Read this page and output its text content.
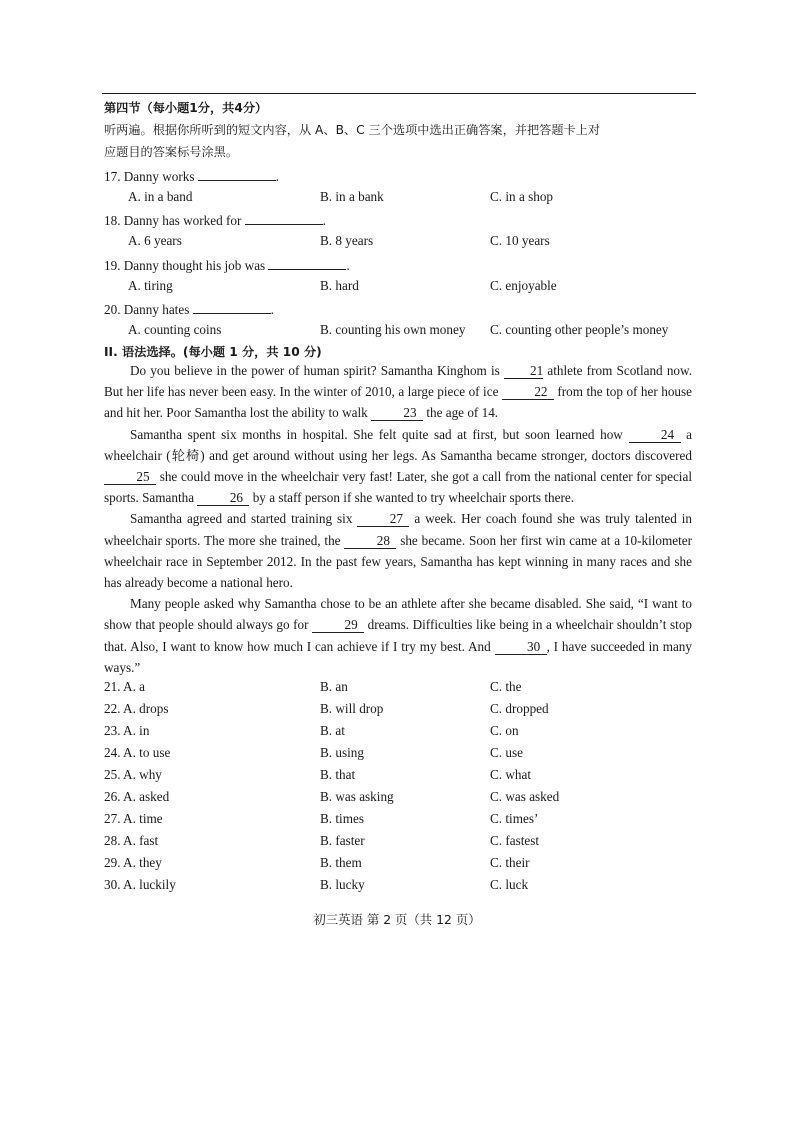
第四节（每小题1分，共4分）
听两遍。根据你所听到的短文内容，从 A、B、C 三个选项中选出正确答案，并把答题卡上对
应题目的答案标号涂黑。
17. Danny works	.
A. in a band	B. in a bank	C. in a shop
18. Danny has worked for	.
A. 6 years	B. 8 years	C. 10 years
19. Danny thought his job was	.
A. tiring	B. hard	C. enjoyable
20. Danny hates	.
A. counting coins	B. counting his own money C. counting other people’s money
II. 语法选择。(每小题 1 分，共 10 分)

Do you believe in the power of human spirit? Samantha Kinghom is 21 athlete from Scotland now. But her life has never been easy. In the winter of 2010, a large piece of ice 22 from the top of her house and hit her. Poor Samantha lost the ability to walk 23 the age of 14.

Samantha spent six months in hospital. She felt quite sad at first, but soon learned how 24 a wheelchair (轮椅) and get around without using her legs. As Samantha became stronger, doctors discovered 25 she could move in the wheelchair very fast! Later, she got a call from the national center for special sports. Samantha 26 by a staff person if she wanted to try wheelchair sports there.

Samantha agreed and started training six 27 a week. Her coach found she was truly talented in wheelchair sports. The more she trained, the 28 she became. Soon her first win came at a 10-kilometer wheelchair race in September 2012. In the past few years, Samantha has kept winning in many races and she has already become a national hero.

Many people asked why Samantha chose to be an athlete after she became disabled. She said, “I want to show that people should always go for 29 dreams. Difficulties like being in a wheelchair shouldn’t stop that. Also, I want to know how much I can achieve if I try my best. And 30 , I have succeeded in many ways.”

21. A. a	B. an	C. the
22. A. drops	B. will drop	C. dropped
23. A. in	B. at	C. on
24. A. to use	B. using	C. use
25. A. why	B. that	C. what
26. A. asked	B. was asking	C. was asked
27. A. time	B. times	C. times’
28. A. fast	B. faster	C. fastest
29. A. they	B. them	C. their
30. A. luckily	B. lucky	C. luck
初三英语 第 2 页（共 12 页）
